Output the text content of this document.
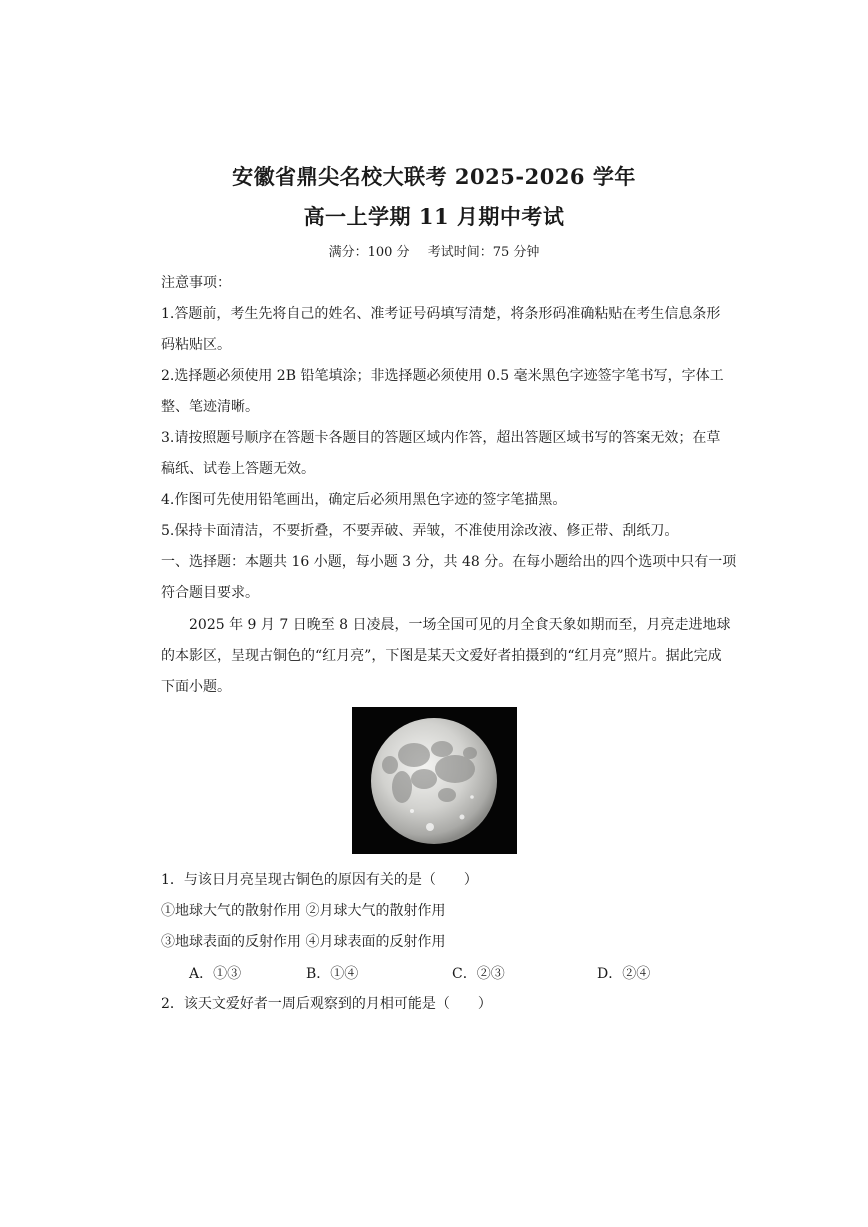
安徽省鼎尖名校大联考 2025-2026 学年
高一上学期 11 月期中考试
满分：100 分 考试时间：75 分钟
注意事项：
1.答题前，考生先将自己的姓名、准考证号码填写清楚，将条形码准确粘贴在考生信息条形
码粘贴区。
2.选择题必须使用 2B 铅笔填涂；非选择题必须使用 0.5 毫米黑色字迹签字笔书写，字体工
整、笔迹清晰。
3.请按照题号顺序在答题卡各题目的答题区域内作答，超出答题区域书写的答案无效；在草
稿纸、试卷上答题无效。
4.作图可先使用铅笔画出，确定后必须用黑色字迹的签字笔描黑。
5.保持卡面清洁，不要折叠，不要弄破、弄皱，不准使用涂改液、修正带、刮纸刀。
一、选择题：本题共 16 小题，每小题 3 分，共 48 分。在每小题给出的四个选项中只有一项
符合题目要求。
2025 年 9 月 7 日晚至 8 日凌晨，一场全国可见的月全食天象如期而至，月亮走进地球
的本影区，呈现古铜色的“红月亮”，下图是某天文爱好者拍摄到的“红月亮”照片。据此完成
下面小题。
1．与该日月亮呈现古铜色的原因有关的是（　　）
①地球大气的散射作用 ②月球大气的散射作用
③地球表面的反射作用 ④月球表面的反射作用
A．①③	B．①④	C．②③	D．②④
2．该天文爱好者一周后观察到的月相可能是（　　）
